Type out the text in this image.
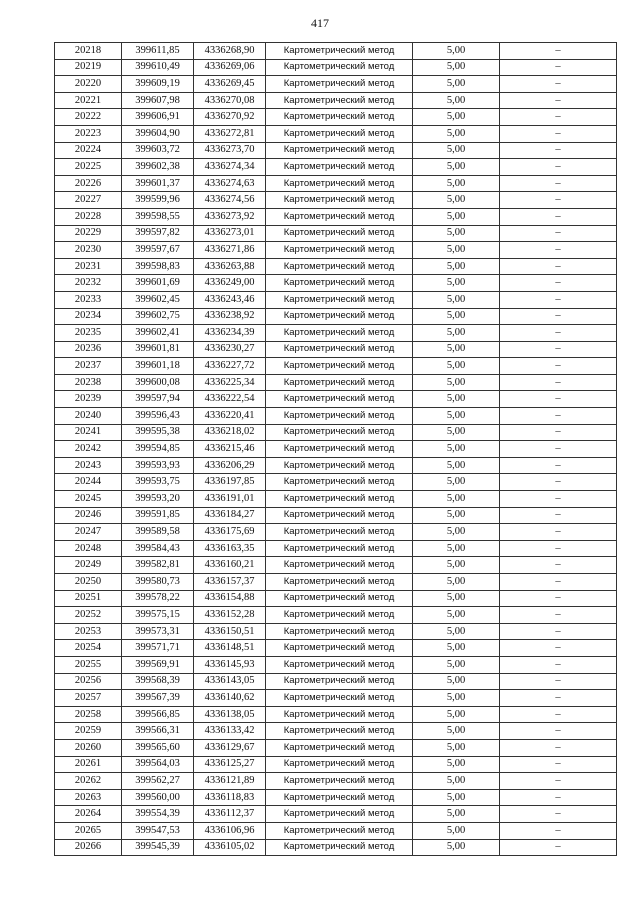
417
20218	399611,85	4336268,90	Картометрический метод	5,00	–
20219	399610,49	4336269,06	Картометрический метод	5,00	–
20220	399609,19	4336269,45	Картометрический метод	5,00	–
20221	399607,98	4336270,08	Картометрический метод	5,00	–
20222	399606,91	4336270,92	Картометрический метод	5,00	–
20223	399604,90	4336272,81	Картометрический метод	5,00	–
20224	399603,72	4336273,70	Картометрический метод	5,00	–
20225	399602,38	4336274,34	Картометрический метод	5,00	–
20226	399601,37	4336274,63	Картометрический метод	5,00	–
20227	399599,96	4336274,56	Картометрический метод	5,00	–
20228	399598,55	4336273,92	Картометрический метод	5,00	–
20229	399597,82	4336273,01	Картометрический метод	5,00	–
20230	399597,67	4336271,86	Картометрический метод	5,00	–
20231	399598,83	4336263,88	Картометрический метод	5,00	–
20232	399601,69	4336249,00	Картометрический метод	5,00	–
20233	399602,45	4336243,46	Картометрический метод	5,00	–
20234	399602,75	4336238,92	Картометрический метод	5,00	–
20235	399602,41	4336234,39	Картометрический метод	5,00	–
20236	399601,81	4336230,27	Картометрический метод	5,00	–
20237	399601,18	4336227,72	Картометрический метод	5,00	–
20238	399600,08	4336225,34	Картометрический метод	5,00	–
20239	399597,94	4336222,54	Картометрический метод	5,00	–
20240	399596,43	4336220,41	Картометрический метод	5,00	–
20241	399595,38	4336218,02	Картометрический метод	5,00	–
20242	399594,85	4336215,46	Картометрический метод	5,00	–
20243	399593,93	4336206,29	Картометрический метод	5,00	–
20244	399593,75	4336197,85	Картометрический метод	5,00	–
20245	399593,20	4336191,01	Картометрический метод	5,00	–
20246	399591,85	4336184,27	Картометрический метод	5,00	–
20247	399589,58	4336175,69	Картометрический метод	5,00	–
20248	399584,43	4336163,35	Картометрический метод	5,00	–
20249	399582,81	4336160,21	Картометрический метод	5,00	–
20250	399580,73	4336157,37	Картометрический метод	5,00	–
20251	399578,22	4336154,88	Картометрический метод	5,00	–
20252	399575,15	4336152,28	Картометрический метод	5,00	–
20253	399573,31	4336150,51	Картометрический метод	5,00	–
20254	399571,71	4336148,51	Картометрический метод	5,00	–
20255	399569,91	4336145,93	Картометрический метод	5,00	–
20256	399568,39	4336143,05	Картометрический метод	5,00	–
20257	399567,39	4336140,62	Картометрический метод	5,00	–
20258	399566,85	4336138,05	Картометрический метод	5,00	–
20259	399566,31	4336133,42	Картометрический метод	5,00	–
20260	399565,60	4336129,67	Картометрический метод	5,00	–
20261	399564,03	4336125,27	Картометрический метод	5,00	–
20262	399562,27	4336121,89	Картометрический метод	5,00	–
20263	399560,00	4336118,83	Картометрический метод	5,00	–
20264	399554,39	4336112,37	Картометрический метод	5,00	–
20265	399547,53	4336106,96	Картометрический метод	5,00	–
20266	399545,39	4336105,02	Картометрический метод	5,00	–
